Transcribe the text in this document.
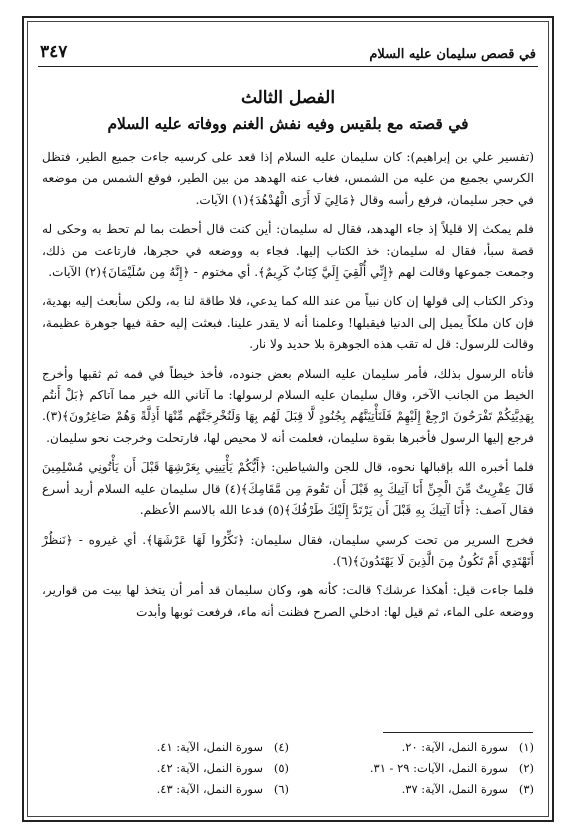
٣٤٧	في قصص سليمان عليه السلام
الفصل الثالث
في قصته مع بلقيس وفيه نفش الغنم ووفاته عليه السلام

(تفسير علي بن إبراهيم): كان سليمان عليه السلام إذا قعد على كرسيه جاءت جميع الطير، فتظل الكرسي بجميع من عليه من الشمس، فغاب عنه الهدهد من بين الطير، فوقع الشمس من موضعه في حجر سليمان، فرفع رأسه وقال ﴿مَالِيَ لَا أَرَى الْهُدْهُدَ﴾(١) الآيات.

فلم يمكث إلا قليلاً إذ جاء الهدهد، فقال له سليمان: أين كنت قال أحطت بما لم تحط به وحكى له قصة سبأ، فقال له سليمان: خذ الكتاب إليها. فجاء به ووضعه في حجرها، فارتاعت من ذلك، وجمعت جموعها وقالت لهم ﴿إِنِّي أُلْقِيَ إِلَيَّ كِتَابٌ كَرِيمٌ﴾. أي مختوم - ﴿إِنَّهُ مِن سُلَيْمَانَ﴾(٢) الآيات.

وذكر الكتاب إلى قولها إن كان نبياً من عند الله كما يدعي، فلا طاقة لنا به، ولكن سأبعث إليه بهدية، فإن كان ملكاً يميل إلى الدنيا فيقبلها! وعلمنا أنه لا يقدر علينا. فبعثت إليه حقة فيها جوهرة عظيمة، وقالت للرسول: قل له تقب هذه الجوهرة بلا حديد ولا نار.

فأتاه الرسول بذلك، فأمر سليمان عليه السلام بعض جنوده، فأخذ خيطاً في فمه ثم ثقبها وأخرج الخيط من الجانب الآخر، وقال سليمان عليه السلام لرسولها: ما آتاني الله خير مما آتاكم ﴿بَلْ أَنتُم بِهَدِيَّتِكُمْ تَفْرَحُونَ ارْجِعْ إِلَيْهِمْ فَلَنَأْتِيَنَّهُم بِجُنُودٍ لَّا قِبَلَ لَهُم بِهَا وَلَنُخْرِجَنَّهُم مِّنْهَا أَذِلَّةً وَهُمْ صَاغِرُونَ﴾(٣). فرجع إليها الرسول فأخبرها بقوة سليمان، فعلمت أنه لا محيص لها، فارتحلت وخرجت نحو سليمان.

فلما أخبره الله بإقبالها نحوه، قال للجن والشياطين: ﴿أَيُّكُمْ يَأْتِينِي بِعَرْشِهَا قَبْلَ أَن يَأْتُونِي مُسْلِمِينَ قَالَ عِفْرِيتٌ مِّنَ الْجِنِّ أَنَا آتِيكَ بِهِ قَبْلَ أَن تَقُومَ مِن مَّقَامِكَ﴾(٤) قال سليمان عليه السلام أريد أسرع فقال آصف: ﴿أَنَا آتِيكَ بِهِ قَبْلَ أَن يَرْتَدَّ إِلَيْكَ طَرْفُكَ﴾(٥) فدعا الله بالاسم الأعظم.

فخرج السرير من تحت كرسي سليمان، فقال سليمان: ﴿نَكِّرُوا لَهَا عَرْشَهَا﴾. أي غيروه - ﴿نَنظُرْ أَتَهْتَدِي أَمْ تَكُونُ مِنَ الَّذِينَ لَا يَهْتَدُونَ﴾(٦).

فلما جاءت قيل: أهكذا عرشك؟ قالت: كأنه هو، وكان سليمان قد أمر أن يتخذ لها بيت من قوارير، ووضعه على الماء، ثم قيل لها: ادخلي الصرح فظنت أنه ماء، فرفعت ثوبها وأبدت

(١)	سورة النمل، الآية: ٢٠.	(٤)	سورة النمل، الآية: ٤١.
(٢)	سورة النمل، الآيات: ٢٩ - ٣١.	(٥)	سورة النمل، الآية: ٤٢.
(٣)	سورة النمل، الآية: ٣٧.	(٦)	سورة النمل، الآية: ٤٣.
